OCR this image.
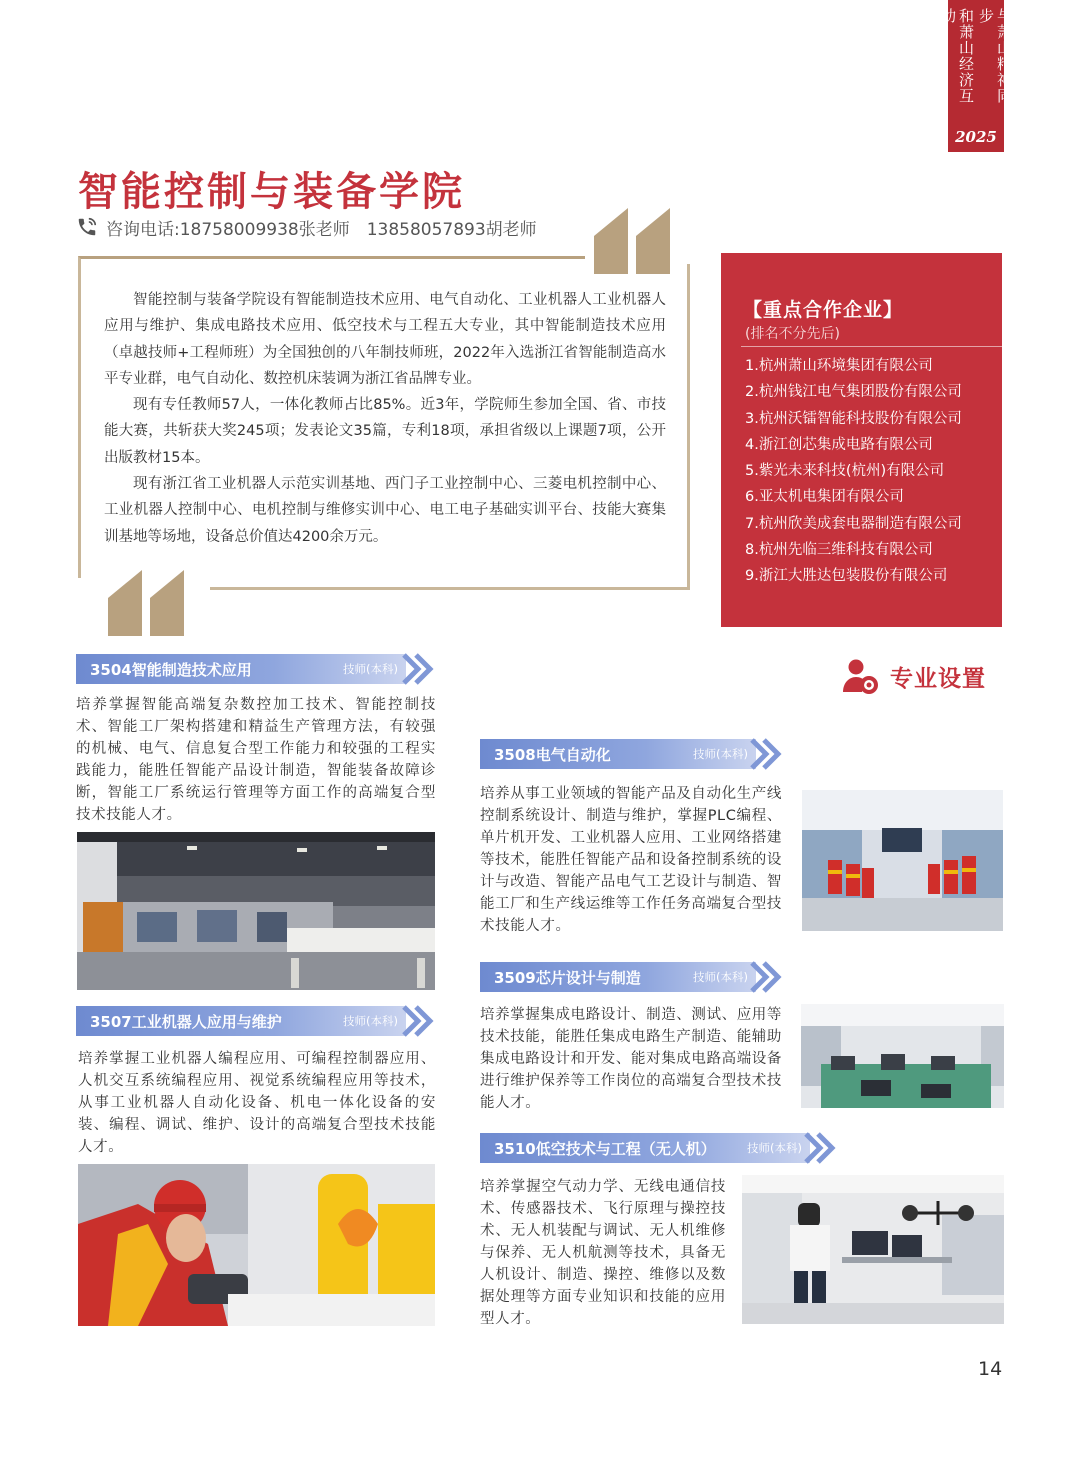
与萧山精神同步
和萧山经济互动
2025
智能控制与装备学院
咨询电话:18758009938张老师　13858057893胡老师

智能控制与装备学院设有智能制造技术应用、电气自动化、工业机器人工业机器人应用与维护、集成电路技术应用、低空技术与工程五大专业，其中智能制造技术应用（卓越技师+工程师班）为全国独创的八年制技师班，2022年入选浙江省智能制造高水平专业群，电气自动化、数控机床装调为浙江省品牌专业。

现有专任教师57人，一体化教师占比85%。近3年，学院师生参加全国、省、市技能大赛，共斩获大奖245项；发表论文35篇，专利18项，承担省级以上课题7项，公开出版教材15本。

现有浙江省工业机器人示范实训基地、西门子工业控制中心、三菱电机控制中心、工业机器人控制中心、电机控制与维修实训中心、电工电子基础实训平台、技能大赛集训基地等场地，设备总价值达4200余万元。

【重点合作企业】
(排名不分先后)
1.杭州萧山环境集团有限公司
2.杭州钱江电气集团股份有限公司
3.杭州沃镭智能科技股份有限公司
4.浙江创芯集成电路有限公司
5.紫光未来科技(杭州)有限公司
6.亚太机电集团有限公司
7.杭州欣美成套电器制造有限公司
8.杭州先临三维科技有限公司
9.浙江大胜达包装股份有限公司
专业设置
3504智能制造技术应用	技师(本科)
培养掌握智能高端复杂数控加工技术、智能控制技术、智能工厂架构搭建和精益生产管理方法，有较强的机械、电气、信息复合型工作能力和较强的工程实践能力，能胜任智能产品设计制造，智能装备故障诊断，智能工厂系统运行管理等方面工作的高端复合型技术技能人才。
3507工业机器人应用与维护	技师(本科)
培养掌握工业机器人编程应用、可编程控制器应用、人机交互系统编程应用、视觉系统编程应用等技术，从事工业机器人自动化设备、机电一体化设备的安装、编程、调试、维护、设计的高端复合型技术技能人才。
3508电气自动化	技师(本科)
培养从事工业领域的智能产品及自动化生产线控制系统设计、制造与维护，掌握PLC编程、单片机开发、工业机器人应用、工业网络搭建等技术，能胜任智能产品和设备控制系统的设计与改造、智能产品电气工艺设计与制造、智能工厂和生产线运维等工作任务高端复合型技术技能人才。
3509芯片设计与制造	技师(本科)
培养掌握集成电路设计、制造、测试、应用等技术技能，能胜任集成电路生产制造、能辅助集成电路设计和开发、能对集成电路高端设备进行维护保养等工作岗位的高端复合型技术技能人才。
3510低空技术与工程（无人机）	技师(本科)
培养掌握空气动力学、无线电通信技术、传感器技术、飞行原理与操控技术、无人机装配与调试、无人机维修与保养、无人机航测等技术，具备无人机设计、制造、操控、维修以及数据处理等方面专业知识和技能的应用型人才。
14
